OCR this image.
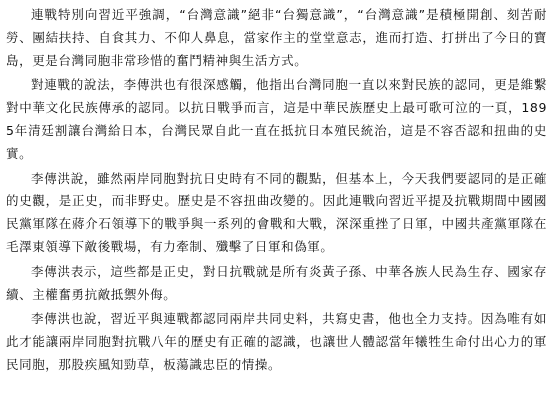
連戰特別向習近平強調，“台灣意識”絕非“台獨意識”，“台灣意識”是積極開創、刻苦耐勞、團結扶持、自食其力、不仰人鼻息，當家作主的堂堂意志，進而打造、打拼出了今日的寶島，更是台灣同胞非常珍惜的奮鬥精神與生活方式。

對連戰的說法，李傳洪也有很深感觸，他指出台灣同胞一直以來對民族的認同，更是維繫對中華文化民族傳承的認同。以抗日戰爭而言，這是中華民族歷史上最可歌可泣的一頁，1895年清廷割讓台灣給日本，台灣民眾自此一直在抵抗日本殖民統治，這是不容否認和扭曲的史實。

李傳洪說，雖然兩岸同胞對抗日史時有不同的觀點，但基本上，今天我們要認同的是正確的史觀，是正史，而非野史。歷史是不容扭曲改變的。因此連戰向習近平提及抗戰期間中國國民黨軍隊在蔣介石領導下的戰爭與一系列的會戰和大戰，深深重挫了日軍，中國共產黨軍隊在毛澤東領導下敵後戰場，有力牽制、殲擊了日軍和偽軍。

李傳洪表示，這些都是正史，對日抗戰就是所有炎黃子孫、中華各族人民為生存、國家存續、主權奮勇抗敵抵禦外侮。

李傳洪也說，習近平與連戰都認同兩岸共同史料，共寫史書，他也全力支持。因為唯有如此才能讓兩岸同胞對抗戰八年的歷史有正確的認識，也讓世人體認當年犧牲生命付出心力的軍民同胞，那股疾風知勁草，板蕩識忠臣的情操。
